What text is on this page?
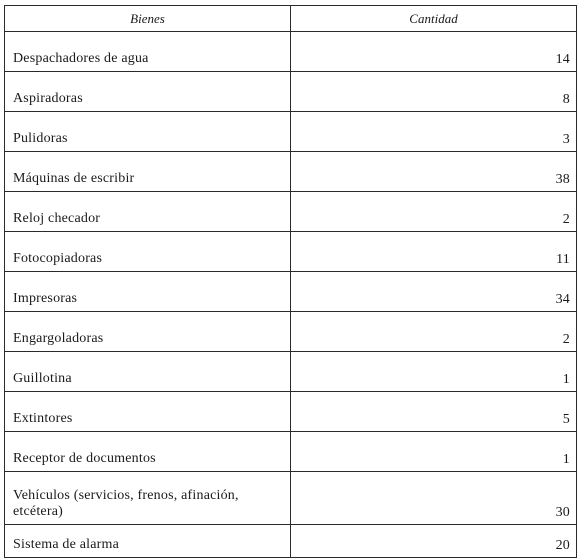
Bienes	Cantidad
Despachadores de agua	14
Aspiradoras	8
Pulidoras	3
Máquinas de escribir	38
Reloj checador	2
Fotocopiadoras	11
Impresoras	34
Engargoladoras	2
Guillotina	1
Extintores	5
Receptor de documentos	1
Vehículos (servicios, frenos, afinación, etcétera)	30
Sistema de alarma	20
